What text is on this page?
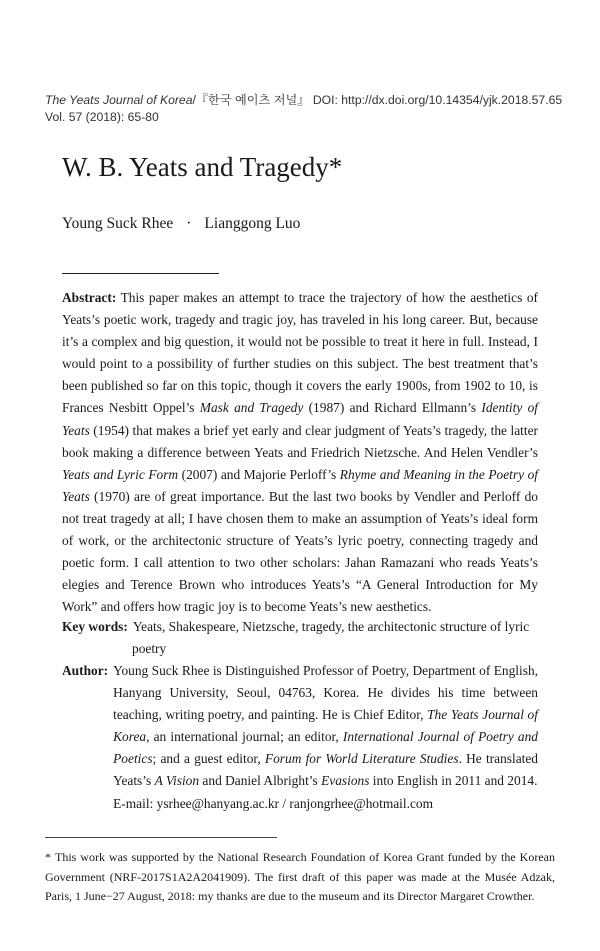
The Yeats Journal of Korea/『한국 예이츠 저널』 DOI: http://dx.doi.org/10.14354/yjk.2018.57.65
Vol. 57 (2018): 65-80
W. B. Yeats and Tragedy*
Young Suck Rhee · Lianggong Luo
Abstract: This paper makes an attempt to trace the trajectory of how the aesthetics of Yeats’s poetic work, tragedy and tragic joy, has traveled in his long career. But, because it’s a complex and big question, it would not be possible to treat it here in full. Instead, I would point to a possibility of further studies on this subject. The best treatment that’s been published so far on this topic, though it covers the early 1900s, from 1902 to 10, is Frances Nesbitt Oppel’s Mask and Tragedy (1987) and Richard Ellmann’s Identity of Yeats (1954) that makes a brief yet early and clear judgment of Yeats’s tragedy, the latter book making a difference between Yeats and Friedrich Nietzsche. And Helen Vendler’s Yeats and Lyric Form (2007) and Majorie Perloff’s Rhyme and Meaning in the Poetry of Yeats (1970) are of great importance. But the last two books by Vendler and Perloff do not treat tragedy at all; I have chosen them to make an assumption of Yeats’s ideal form of work, or the architectonic structure of Yeats’s lyric poetry, connecting tragedy and poetic form. I call attention to two other scholars: Jahan Ramazani who reads Yeats’s elegies and Terence Brown who introduces Yeats’s “A General Introduction for My Work” and offers how tragic joy is to become Yeats’s new aesthetics.
Key words: Yeats, Shakespeare, Nietzsche, tragedy, the architectonic structure of lyric
poetry
Author: Young Suck Rhee is Distinguished Professor of Poetry, Department of English, Hanyang University, Seoul, 04763, Korea. He divides his time between teaching, writing poetry, and painting. He is Chief Editor, The Yeats Journal of Korea, an international journal; an editor, International Journal of Poetry and Poetics; and a guest editor, Forum for World Literature Studies. He translated Yeats’s A Vision and Daniel Albright’s Evasions into English in 2011 and 2014.
E-mail: ysrhee@hanyang.ac.kr / ranjongrhee@hotmail.com
* This work was supported by the National Research Foundation of Korea Grant funded by the Korean Government (NRF-2017S1A2A2041909). The first draft of this paper was made at the Musée Adzak, Paris, 1 June−27 August, 2018: my thanks are due to the museum and its Director Margaret Crowther.
